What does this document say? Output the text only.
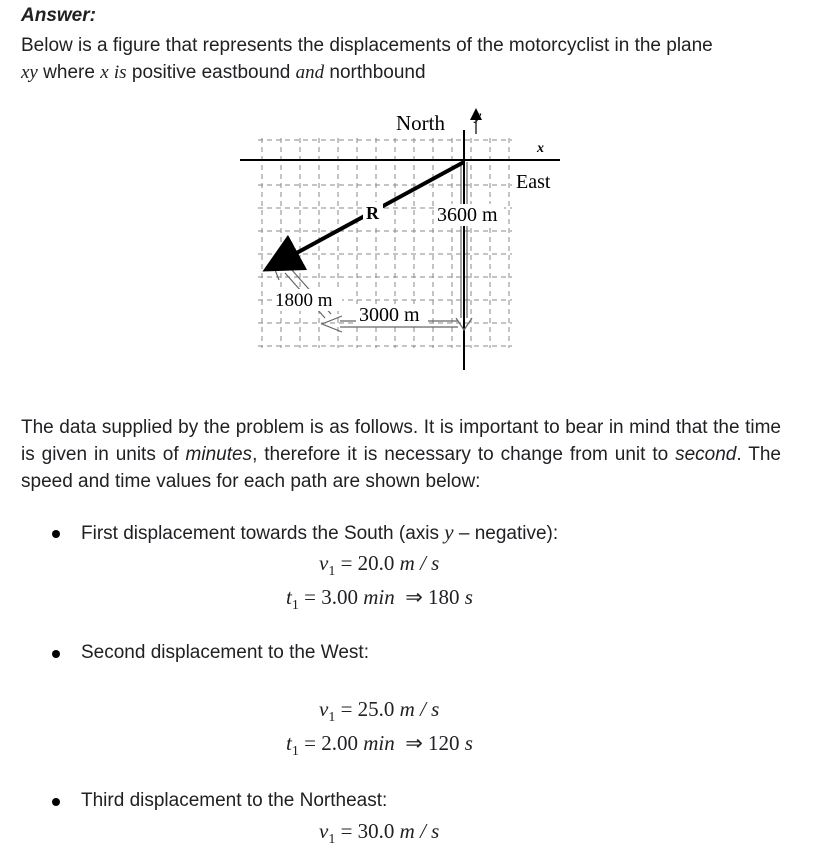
Answer:
Below is a figure that represents the displacements of the motorcyclist in the plane
xy where x is positive eastbound and northbound
North y
x
East
R	3600 m
1800 m
3000 m
The data supplied by the problem is as follows. It is important to bear in mind that the time is given in units of minutes, therefore it is necessary to change from unit to second. The speed and time values for each path are shown below:
First displacement towards the South (axis y – negative):
$v_1 = 20.0$ m / s
$t_1 = 3.00$ min ⇒ 180 s
Second displacement to the West:
$v_1 = 25.0$ m / s
$t_1 = 2.00$ min ⇒ 120 s
Third displacement to the Northeast:
$v_1 = 30.0$ m / s
